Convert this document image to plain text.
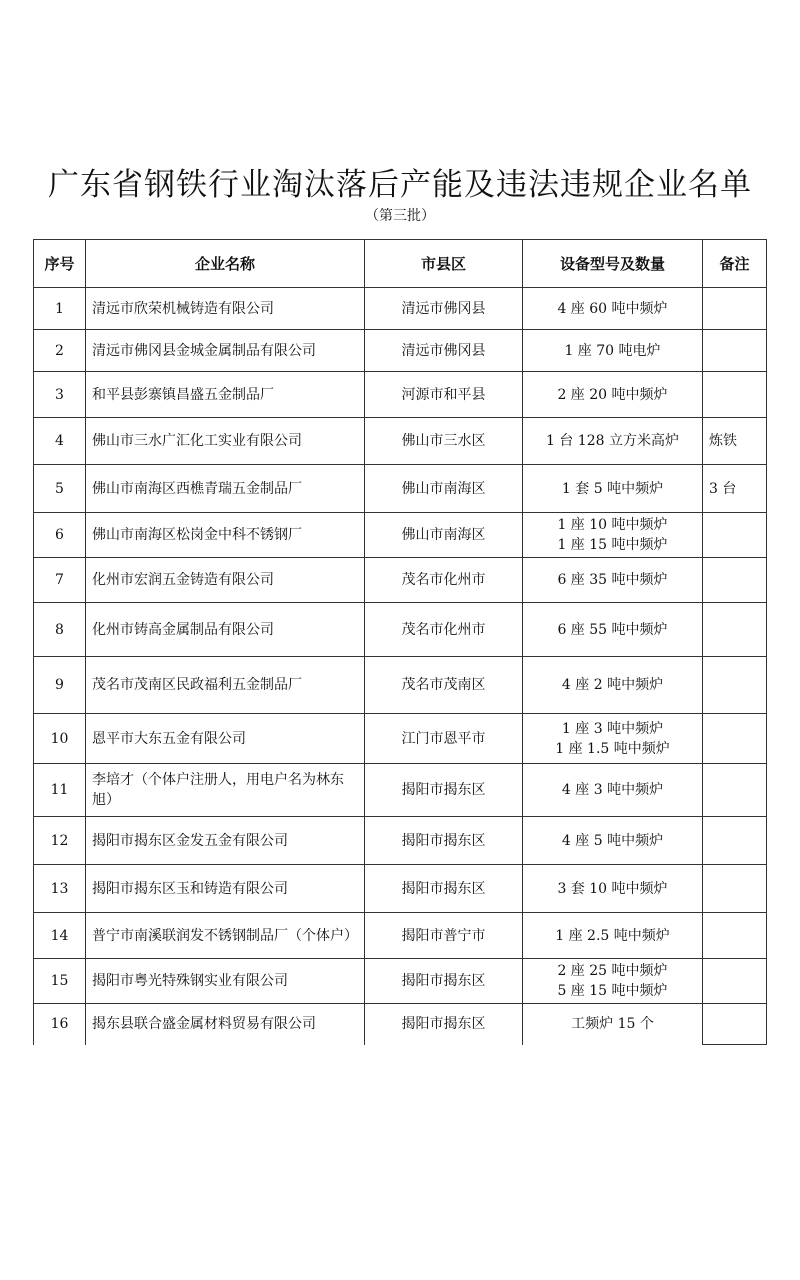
广东省钢铁行业淘汰落后产能及违法违规企业名单
（第三批）
序号	企业名称	市县区	设备型号及数量	备注
1	清远市欣荣机械铸造有限公司	清远市佛冈县	4 座 60 吨中频炉	

2	清远市佛冈县金城金属制品有限公司	清远市佛冈县	1 座 70 吨电炉	

3	和平县彭寨镇昌盛五金制品厂	河源市和平县	2 座 20 吨中频炉	

4	佛山市三水广汇化工实业有限公司	佛山市三水区	1 台 128 立方米高炉	炼铁
5	佛山市南海区西樵青瑞五金制品厂	佛山市南海区	1 套 5 吨中频炉	3 台
6	佛山市南海区松岗金中科不锈钢厂	佛山市南海区	1 座 10 吨中频炉
1 座 15 吨中频炉	

7	化州市宏润五金铸造有限公司	茂名市化州市	6 座 35 吨中频炉	

8	化州市铸高金属制品有限公司	茂名市化州市	6 座 55 吨中频炉	

9	茂名市茂南区民政福利五金制品厂	茂名市茂南区	4 座 2 吨中频炉	

10	恩平市大东五金有限公司	江门市恩平市	1 座 3 吨中频炉
1 座 1.5 吨中频炉	

11	李培才（个体户注册人，用电户名为林东旭）	揭阳市揭东区	4 座 3 吨中频炉	

12	揭阳市揭东区金发五金有限公司	揭阳市揭东区	4 座 5 吨中频炉	

13	揭阳市揭东区玉和铸造有限公司	揭阳市揭东区	3 套 10 吨中频炉	

14	普宁市南溪联润发不锈钢制品厂（个体户）	揭阳市普宁市	1 座 2.5 吨中频炉	

15	揭阳市粤光特殊钢实业有限公司	揭阳市揭东区	2 座 25 吨中频炉
5 座 15 吨中频炉	

16	揭东县联合盛金属材料贸易有限公司	揭阳市揭东区	工频炉 15 个	
